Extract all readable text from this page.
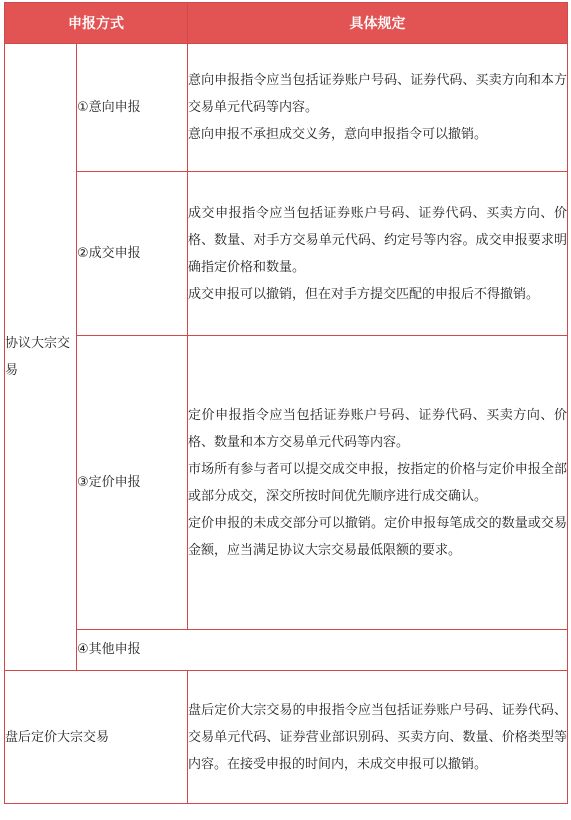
申报方式		具体规定
协议大宗交易	①意向申报	意向申报指令应当包括证券账户号码、证券代码、买卖方向和本方交易单元代码等内容。

意向申报不承担成交义务，意向申报指令可以撤销。

	②成交申报	成交申报指令应当包括证券账户号码、证券代码、买卖方向、价格、数量、对手方交易单元代码、约定号等内容。成交申报要求明确指定价格和数量。

成交申报可以撤销，但在对手方提交匹配的申报后不得撤销。

	③定价申报	定价申报指令应当包括证券账户号码、证券代码、买卖方向、价格、数量和本方交易单元代码等内容。

市场所有参与者可以提交成交申报，按指定的价格与定价申报全部或部分成交，深交所按时间优先顺序进行成交确认。

定价申报的未成交部分可以撤销。定价申报每笔成交的数量或交易金额，应当满足协议大宗交易最低限额的要求。

	④其他申报	
盘后定价大宗交易		盘后定价大宗交易的申报指令应当包括证券账户号码、证券代码、交易单元代码、证券营业部识别码、买卖方向、数量、价格类型等内容。在接受申报的时间内，未成交申报可以撤销。
